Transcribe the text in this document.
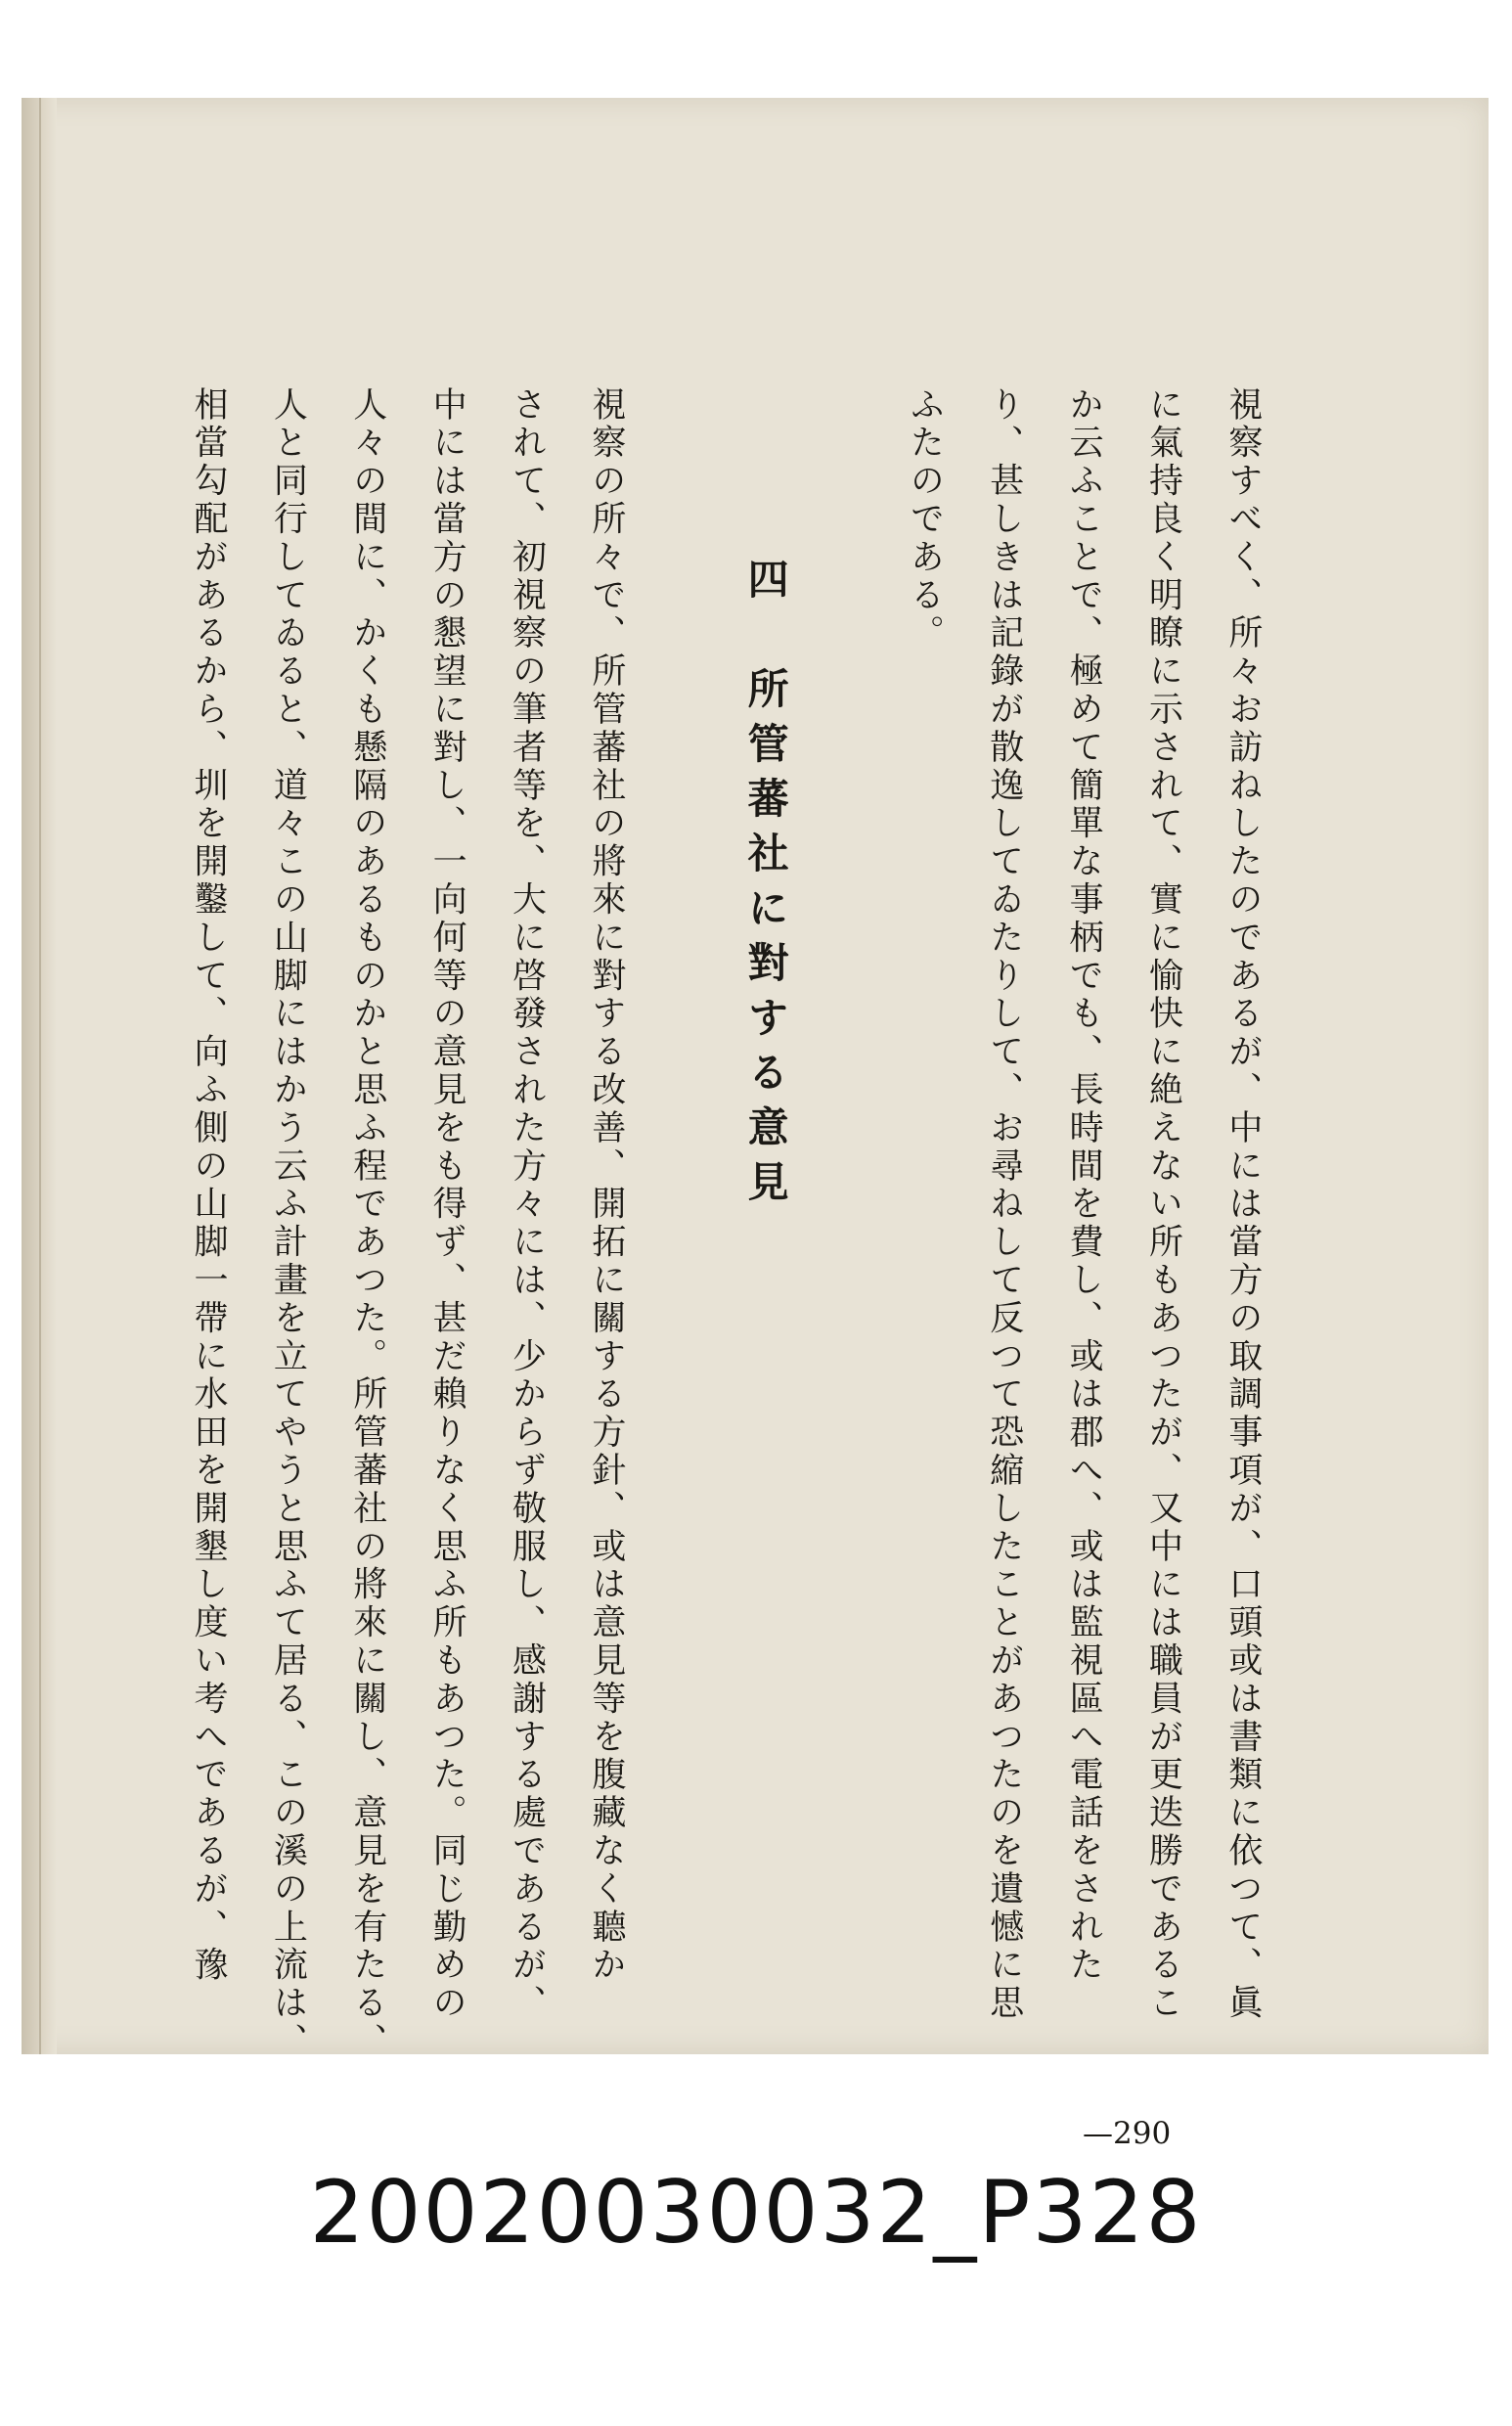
視察すべく、所々お訪ねしたのであるが、中には當方の取調事項が、口頭或は書類に依つて、眞
に氣持良く明瞭に示されて、實に愉快に絶えない所もあつたが、又中には職員が更迭勝であるこ
か云ふことで、極めて簡單な事柄でも、長時間を費し、或は郡へ、或は監視區へ電話をされた
り、甚しきは記錄が散逸してゐたりして、お尋ねして反つて恐縮したことがあつたのを遺憾に思
ふたのである。
四　所管蕃社に對する意見
視察の所々で、所管蕃社の將來に對する改善、開拓に關する方針、或は意見等を腹藏なく聽か
されて、初視察の筆者等を、大に啓發された方々には、少からず敬服し、感謝する處であるが、
中には當方の懇望に對し、一向何等の意見をも得ず、甚だ賴りなく思ふ所もあつた。同じ勤めの
人々の間に、かくも懸隔のあるものかと思ふ程であつた。所管蕃社の將來に關し、意見を有たる、
人と同行してゐると、道々この山脚にはかう云ふ計畫を立てやうと思ふて居る、この溪の上流は、
相當勾配があるから、圳を開鑿して、向ふ側の山脚一帶に水田を開墾し度い考へであるが、豫
—290
20020030032_P328
